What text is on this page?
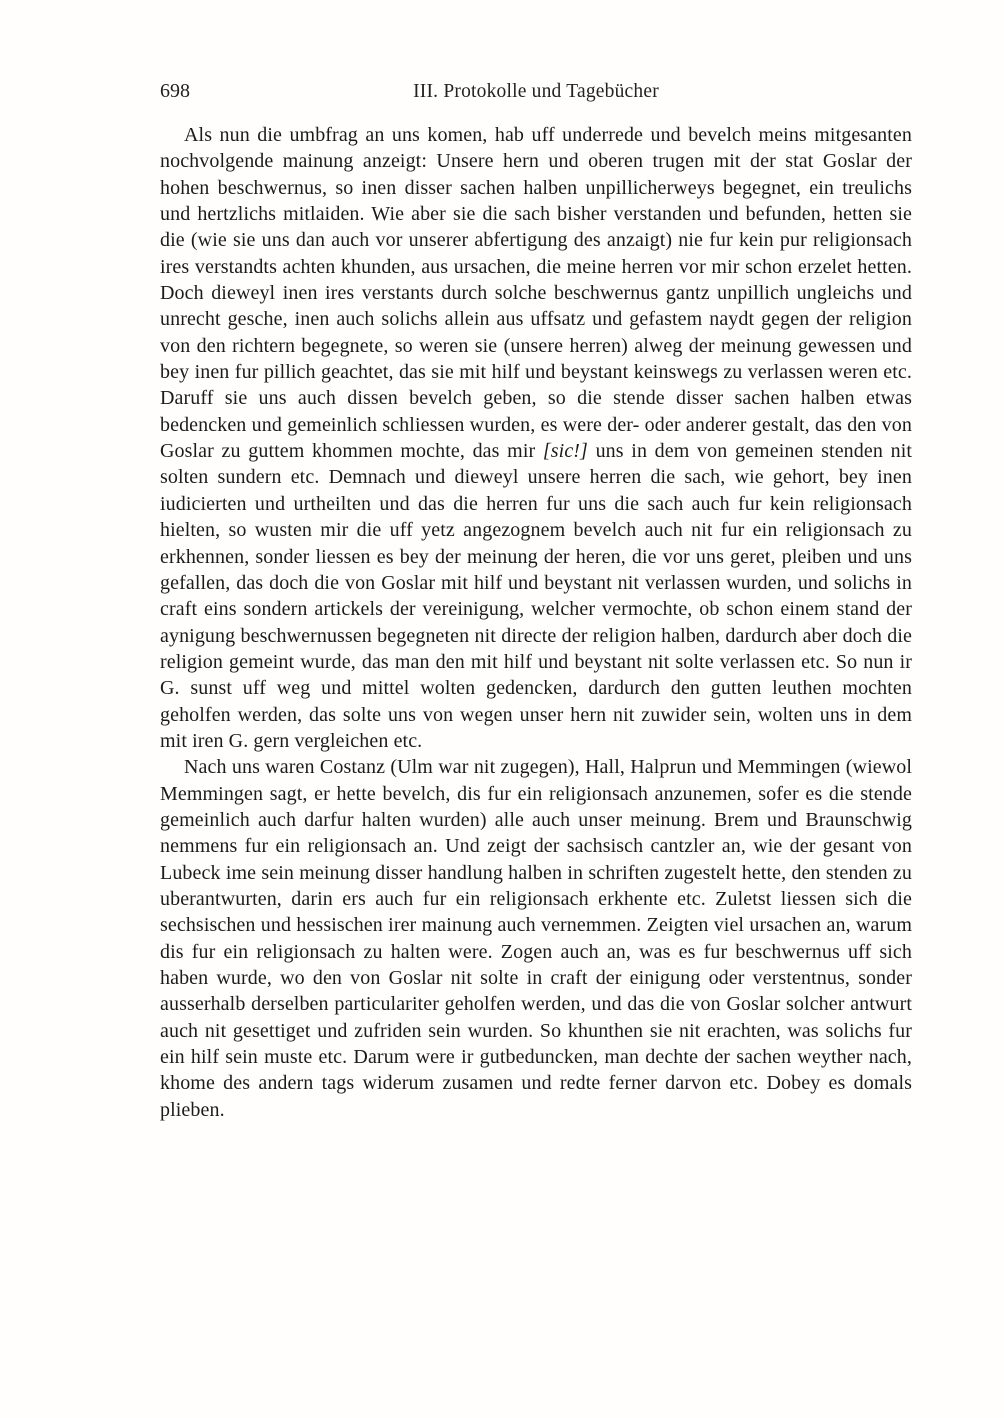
698	III. Protokolle und Tagebücher

Als nun die umbfrag an uns komen, hab uff underrede und bevelch meins mitgesanten nochvolgende mainung anzeigt: Unsere hern und oberen trugen mit der stat Goslar der hohen beschwernus, so inen disser sachen halben unpillicherweys begegnet, ein treulichs und hertzlichs mitlaiden. Wie aber sie die sach bisher verstanden und befunden, hetten sie die (wie sie uns dan auch vor unserer abfertigung des anzaigt) nie fur kein pur religionsach ires verstandts achten khunden, aus ursachen, die meine herren vor mir schon erzelet hetten. Doch dieweyl inen ires verstants durch solche beschwernus gantz unpillich ungleichs und unrecht gesche, inen auch solichs allein aus uffsatz und gefastem naydt gegen der religion von den richtern begegnete, so weren sie (unsere herren) alweg der meinung gewessen und bey inen fur pillich geachtet, das sie mit hilf und beystant keinswegs zu verlassen weren etc. Daruff sie uns auch dissen bevelch geben, so die stende disser sachen halben etwas bedencken und gemeinlich schliessen wurden, es were der- oder anderer gestalt, das den von Goslar zu guttem khommen mochte, das mir [sic!] uns in dem von gemeinen stenden nit solten sundern etc. Demnach und dieweyl unsere herren die sach, wie gehort, bey inen iudicierten und urtheilten und das die herren fur uns die sach auch fur kein religionsach hielten, so wusten mir die uff yetz angezognem bevelch auch nit fur ein religionsach zu erkhennen, sonder liessen es bey der meinung der heren, die vor uns geret, pleiben und uns gefallen, das doch die von Goslar mit hilf und beystant nit verlassen wurden, und solichs in craft eins sondern artickels der vereinigung, welcher vermochte, ob schon einem stand der aynigung beschwernussen begegneten nit directe der religion halben, dardurch aber doch die religion gemeint wurde, das man den mit hilf und beystant nit solte verlassen etc. So nun ir G. sunst uff weg und mittel wolten gedencken, dardurch den gutten leuthen mochten geholfen werden, das solte uns von wegen unser hern nit zuwider sein, wolten uns in dem mit iren G. gern vergleichen etc.

Nach uns waren Costanz (Ulm war nit zugegen), Hall, Halprun und Memmingen (wiewol Memmingen sagt, er hette bevelch, dis fur ein religionsach anzunemen, sofer es die stende gemeinlich auch darfur halten wurden) alle auch unser meinung. Brem und Braunschwig nemmens fur ein religionsach an. Und zeigt der sachsisch cantzler an, wie der gesant von Lubeck ime sein meinung disser handlung halben in schriften zugestelt hette, den stenden zu uberantwurten, darin ers auch fur ein religionsach erkhente etc. Zuletst liessen sich die sechsischen und hessischen irer mainung auch vernemmen. Zeigten viel ursachen an, warum dis fur ein religionsach zu halten were. Zogen auch an, was es fur beschwernus uff sich haben wurde, wo den von Goslar nit solte in craft der einigung oder verstentnus, sonder ausserhalb derselben particulariter geholfen werden, und das die von Goslar solcher antwurt auch nit gesettiget und zufriden sein wurden. So khunthen sie nit erachten, was solichs fur ein hilf sein muste etc. Darum were ir gutbeduncken, man dechte der sachen weyther nach, khome des andern tags widerum zusamen und redte ferner darvon etc. Dobey es domals plieben.
